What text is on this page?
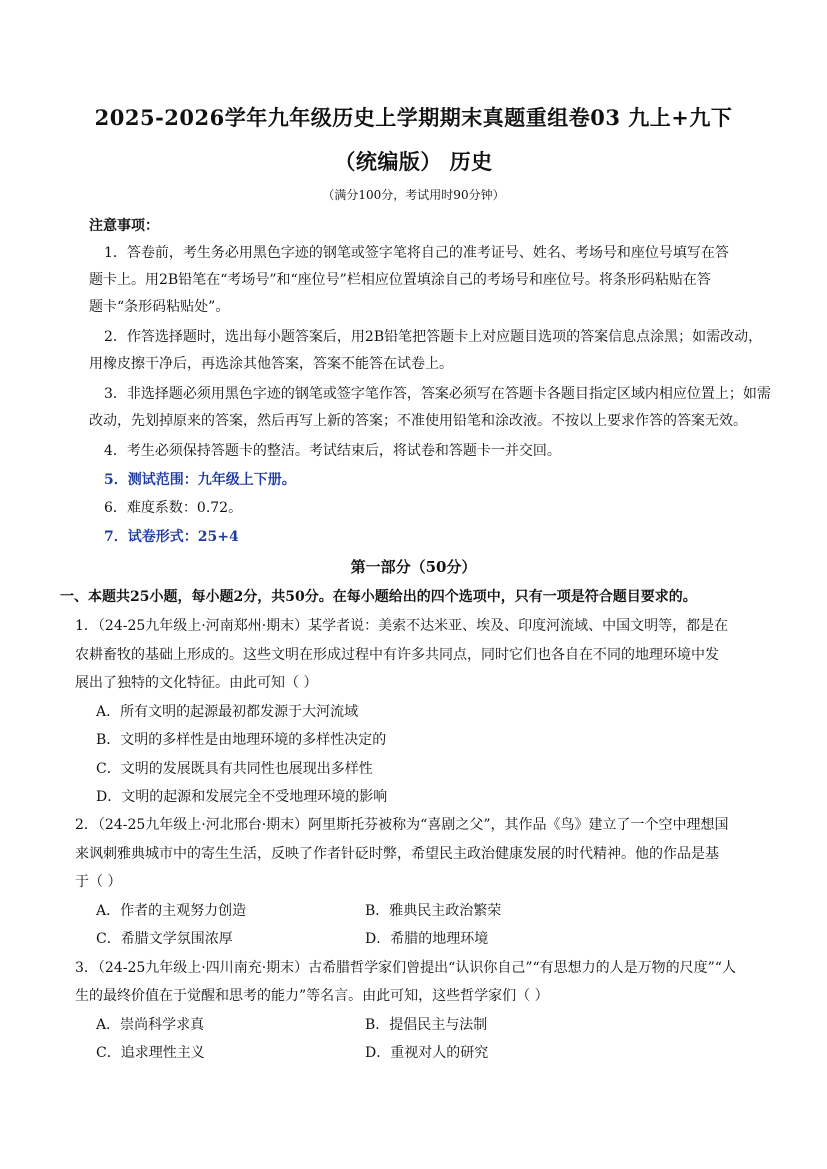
2025-2026学年九年级历史上学期期末真题重组卷03 九上+九下
（统编版） 历史
（满分100分，考试用时90分钟）
注意事项：
1．答卷前，考生务必用黑色字迹的钢笔或签字笔将自己的准考证号、姓名、考场号和座位号填写在答
题卡上。用2B铅笔在“考场号”和“座位号”栏相应位置填涂自己的考场号和座位号。将条形码粘贴在答
题卡“条形码粘贴处”。
2．作答选择题时，选出每小题答案后，用2B铅笔把答题卡上对应题目选项的答案信息点涂黑；如需改动，
用橡皮擦干净后，再选涂其他答案，答案不能答在试卷上。
3．非选择题必须用黑色字迹的钢笔或签字笔作答，答案必须写在答题卡各题目指定区域内相应位置上；如需
改动，先划掉原来的答案，然后再写上新的答案；不准使用铅笔和涂改液。不按以上要求作答的答案无效。
4．考生必须保持答题卡的整洁。考试结束后，将试卷和答题卡一并交回。
5．测试范围：九年级上下册。
6．难度系数：0.72。
7．试卷形式：25+4
第一部分（50分）
一、本题共25小题，每小题2分，共50分。在每小题给出的四个选项中，只有一项是符合题目要求的。
1．（24-25九年级上·河南郑州·期末）某学者说：美索不达米亚、埃及、印度河流域、中国文明等，都是在
农耕畜牧的基础上形成的。这些文明在形成过程中有许多共同点，同时它们也各自在不同的地理环境中发
展出了独特的文化特征。由此可知（ ）
A．所有文明的起源最初都发源于大河流域
B．文明的多样性是由地理环境的多样性决定的
C．文明的发展既具有共同性也展现出多样性
D．文明的起源和发展完全不受地理环境的影响
2．（24-25九年级上·河北邢台·期末）阿里斯托芬被称为“喜剧之父”，其作品《鸟》建立了一个空中理想国
来讽刺雅典城市中的寄生生活，反映了作者针砭时弊，希望民主政治健康发展的时代精神。他的作品是基
于（ ）
A．作者的主观努力创造	B．雅典民主政治繁荣
C．希腊文学氛围浓厚	D．希腊的地理环境
3．（24-25九年级上·四川南充·期末）古希腊哲学家们曾提出“认识你自己”“有思想力的人是万物的尺度”“人
生的最终价值在于觉醒和思考的能力”等名言。由此可知，这些哲学家们（ ）
A．崇尚科学求真	B．提倡民主与法制
C．追求理性主义	D．重视对人的研究
